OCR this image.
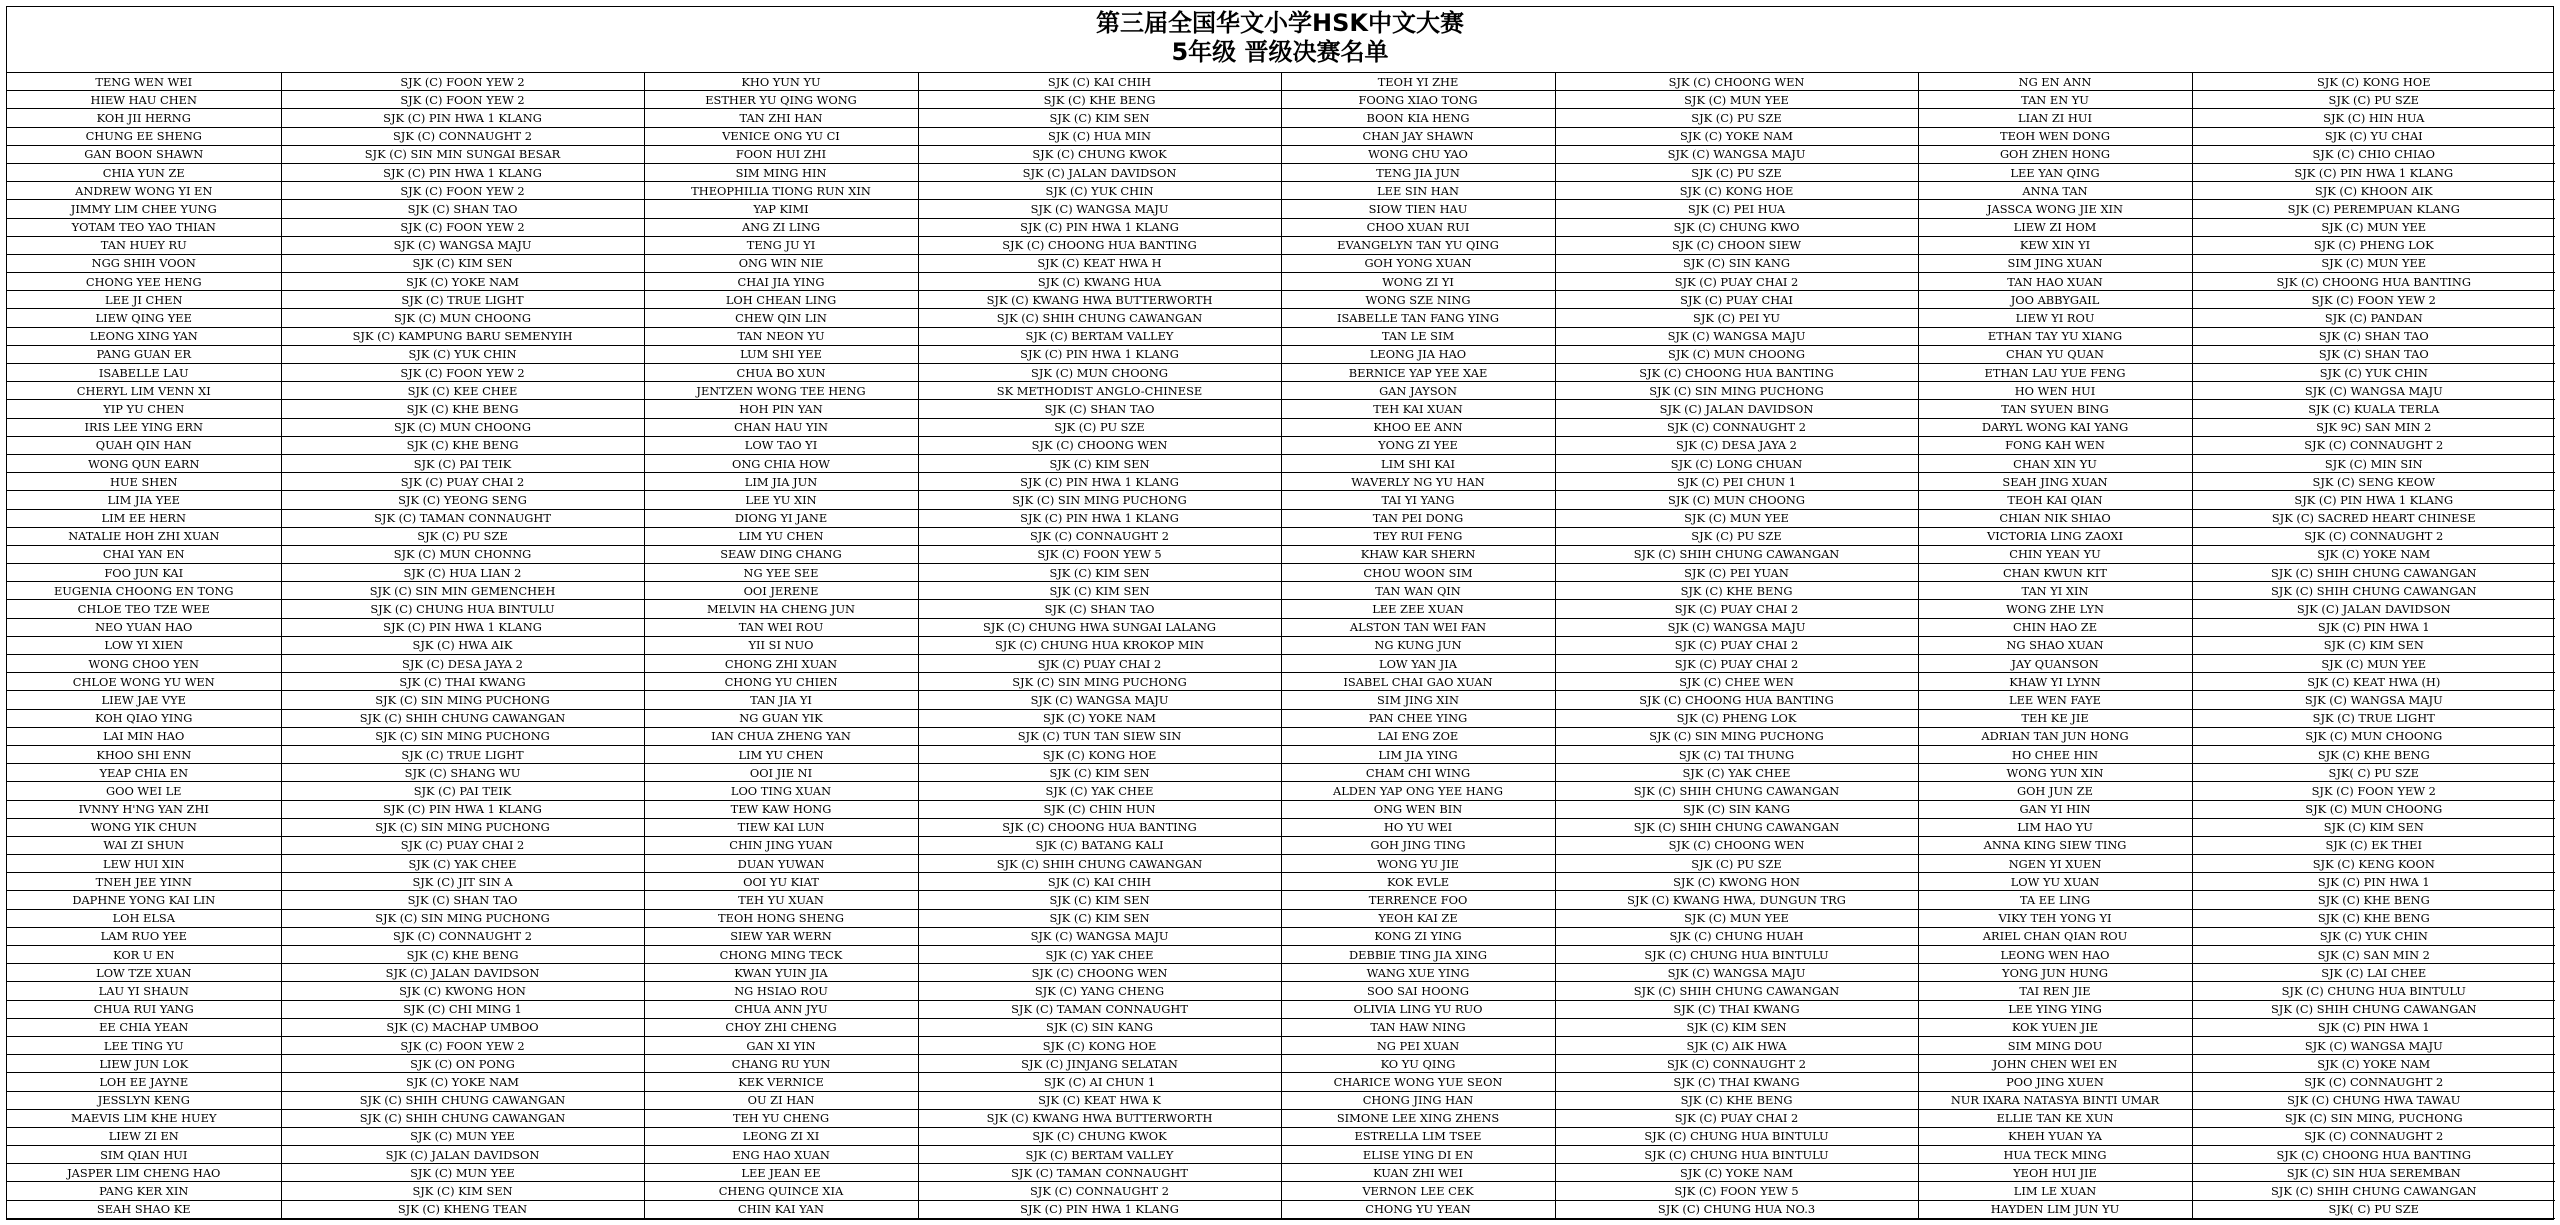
第三届全国华文小学HSK中文大赛
5年级 晋级决赛名单
TENG WEN WEI	SJK (C) FOON YEW 2	KHO YUN YU	SJK (C) KAI CHIH	TEOH YI ZHE	SJK (C) CHOONG WEN	NG EN ANN	SJK (C) KONG HOE
HIEW HAU CHEN	SJK (C) FOON YEW 2	ESTHER YU QING WONG	SJK (C) KHE BENG	FOONG XIAO TONG	SJK (C) MUN YEE	TAN EN YU	SJK (C) PU SZE
KOH JII HERNG	SJK (C) PIN HWA 1 KLANG	TAN ZHI HAN	SJK (C) KIM SEN	BOON KIA HENG	SJK (C) PU SZE	LIAN ZI HUI	SJK (C) HIN HUA
CHUNG EE SHENG	SJK (C) CONNAUGHT 2	VENICE ONG YU CI	SJK (C) HUA MIN	CHAN JAY SHAWN	SJK (C) YOKE NAM	TEOH WEN DONG	SJK (C) YU CHAI
GAN BOON SHAWN	SJK (C) SIN MIN SUNGAI BESAR	FOON HUI ZHI	SJK (C) CHUNG KWOK	WONG CHU YAO	SJK (C) WANGSA MAJU	GOH ZHEN HONG	SJK (C) CHIO CHIAO
CHIA YUN ZE	SJK (C) PIN HWA 1 KLANG	SIM MING HIN	SJK (C) JALAN DAVIDSON	TENG JIA JUN	SJK (C) PU SZE	LEE YAN QING	SJK (C) PIN HWA 1 KLANG
ANDREW WONG YI EN	SJK (C) FOON YEW 2	THEOPHILIA TIONG RUN XIN	SJK (C) YUK CHIN	LEE SIN HAN	SJK (C) KONG HOE	ANNA TAN	SJK (C) KHOON AIK
JIMMY LIM CHEE YUNG	SJK (C) SHAN TAO	YAP KIMI	SJK (C) WANGSA MAJU	SIOW TIEN HAU	SJK (C) PEI HUA	JASSCA WONG JIE XIN	SJK (C) PEREMPUAN KLANG
YOTAM TEO YAO THIAN	SJK (C) FOON YEW 2	ANG ZI LING	SJK (C) PIN HWA 1 KLANG	CHOO XUAN RUI	SJK (C) CHUNG KWO	LIEW ZI HOM	SJK (C) MUN YEE
TAN HUEY RU	SJK (C) WANGSA MAJU	TENG JU YI	SJK (C) CHOONG HUA BANTING	EVANGELYN TAN YU QING	SJK (C) CHOON SIEW	KEW XIN YI	SJK (C) PHENG LOK
NGG SHIH VOON	SJK (C) KIM SEN	ONG WIN NIE	SJK (C) KEAT HWA H	GOH YONG XUAN	SJK (C) SIN KANG	SIM JING XUAN	SJK (C) MUN YEE
CHONG YEE HENG	SJK (C) YOKE NAM	CHAI JIA YING	SJK (C) KWANG HUA	WONG ZI YI	SJK (C) PUAY CHAI 2	TAN HAO XUAN	SJK (C) CHOONG HUA BANTING
LEE JI CHEN	SJK (C) TRUE LIGHT	LOH CHEAN LING	SJK (C) KWANG HWA BUTTERWORTH	WONG SZE NING	SJK (C) PUAY CHAI	JOO ABBYGAIL	SJK (C) FOON YEW 2
LIEW QING YEE	SJK (C) MUN CHOONG	CHEW QIN LIN	SJK (C) SHIH CHUNG CAWANGAN	ISABELLE TAN FANG YING	SJK (C) PEI YU	LIEW YI ROU	SJK (C) PANDAN
LEONG XING YAN	SJK (C) KAMPUNG BARU SEMENYIH	TAN NEON YU	SJK (C) BERTAM VALLEY	TAN LE SIM	SJK (C) WANGSA MAJU	ETHAN TAY YU XIANG	SJK (C) SHAN TAO
PANG GUAN ER	SJK (C) YUK CHIN	LUM SHI YEE	SJK (C) PIN HWA 1 KLANG	LEONG JIA HAO	SJK (C) MUN CHOONG	CHAN YU QUAN	SJK (C) SHAN TAO
ISABELLE LAU	SJK (C) FOON YEW 2	CHUA BO XUN	SJK (C) MUN CHOONG	BERNICE YAP YEE XAE	SJK (C) CHOONG HUA BANTING	ETHAN LAU YUE FENG	SJK (C) YUK CHIN
CHERYL LIM VENN XI	SJK (C) KEE CHEE	JENTZEN WONG TEE HENG	SK METHODIST ANGLO-CHINESE	GAN JAYSON	SJK (C) SIN MING PUCHONG	HO WEN HUI	SJK (C) WANGSA MAJU
YIP YU CHEN	SJK (C) KHE BENG	HOH PIN YAN	SJK (C) SHAN TAO	TEH KAI XUAN	SJK (C) JALAN DAVIDSON	TAN SYUEN BING	SJK (C) KUALA TERLA
IRIS LEE YING ERN	SJK (C) MUN CHOONG	CHAN HAU YIN	SJK (C) PU SZE	KHOO EE ANN	SJK (C) CONNAUGHT 2	DARYL WONG KAI YANG	SJK 9C) SAN MIN 2
QUAH QIN HAN	SJK (C) KHE BENG	LOW TAO YI	SJK (C) CHOONG WEN	YONG ZI YEE	SJK (C) DESA JAYA 2	FONG KAH WEN	SJK (C) CONNAUGHT 2
WONG QUN EARN	SJK (C) PAI TEIK	ONG CHIA HOW	SJK (C) KIM SEN	LIM SHI KAI	SJK (C) LONG CHUAN	CHAN XIN YU	SJK (C) MIN SIN
HUE SHEN	SJK (C) PUAY CHAI 2	LIM JIA JUN	SJK (C) PIN HWA 1 KLANG	WAVERLY NG YU HAN	SJK (C) PEI CHUN 1	SEAH JING XUAN	SJK (C) SENG KEOW
LIM JIA YEE	SJK (C) YEONG SENG	LEE YU XIN	SJK (C) SIN MING PUCHONG	TAI YI YANG	SJK (C) MUN CHOONG	TEOH KAI QIAN	SJK (C) PIN HWA 1 KLANG
LIM EE HERN	SJK (C) TAMAN CONNAUGHT	DIONG YI JANE	SJK (C) PIN HWA 1 KLANG	TAN PEI DONG	SJK (C) MUN YEE	CHIAN NIK SHIAO	SJK (C) SACRED HEART CHINESE
NATALIE HOH ZHI XUAN	SJK (C) PU SZE	LIM YU CHEN	SJK (C) CONNAUGHT 2	TEY RUI FENG	SJK (C) PU SZE	VICTORIA LING ZAOXI	SJK (C) CONNAUGHT 2
CHAI YAN EN	SJK (C) MUN CHONNG	SEAW DING CHANG	SJK (C) FOON YEW 5	KHAW KAR SHERN	SJK (C) SHIH CHUNG CAWANGAN	CHIN YEAN YU	SJK (C) YOKE NAM
FOO JUN KAI	SJK (C) HUA LIAN 2	NG YEE SEE	SJK (C) KIM SEN	CHOU WOON SIM	SJK (C) PEI YUAN	CHAN KWUN KIT	SJK (C) SHIH CHUNG CAWANGAN
EUGENIA CHOONG EN TONG	SJK (C) SIN MIN GEMENCHEH	OOI JERENE	SJK (C) KIM SEN	TAN WAN QIN	SJK (C) KHE BENG	TAN YI XIN	SJK (C) SHIH CHUNG CAWANGAN
CHLOE TEO TZE WEE	SJK (C) CHUNG HUA BINTULU	MELVIN HA CHENG JUN	SJK (C) SHAN TAO	LEE ZEE XUAN	SJK (C) PUAY CHAI 2	WONG ZHE LYN	SJK (C) JALAN DAVIDSON
NEO YUAN HAO	SJK (C) PIN HWA 1 KLANG	TAN WEI ROU	SJK (C) CHUNG HWA SUNGAI LALANG	ALSTON TAN WEI FAN	SJK (C) WANGSA MAJU	CHIN HAO ZE	SJK (C) PIN HWA 1
LOW YI XIEN	SJK (C) HWA AIK	YII SI NUO	SJK (C) CHUNG HUA KROKOP MIN	NG KUNG JUN	SJK (C) PUAY CHAI 2	NG SHAO XUAN	SJK (C) KIM SEN
WONG CHOO YEN	SJK (C) DESA JAYA 2	CHONG ZHI XUAN	SJK (C) PUAY CHAI 2	LOW YAN JIA	SJK (C) PUAY CHAI 2	JAY QUANSON	SJK (C) MUN YEE
CHLOE WONG YU WEN	SJK (C) THAI KWANG	CHONG YU CHIEN	SJK (C) SIN MING PUCHONG	ISABEL CHAI GAO XUAN	SJK (C) CHEE WEN	KHAW YI LYNN	SJK (C) KEAT HWA (H)
LIEW JAE VYE	SJK (C) SIN MING PUCHONG	TAN JIA YI	SJK (C) WANGSA MAJU	SIM JING XIN	SJK (C) CHOONG HUA BANTING	LEE WEN FAYE	SJK (C) WANGSA MAJU
KOH QIAO YING	SJK (C) SHIH CHUNG CAWANGAN	NG GUAN YIK	SJK (C) YOKE NAM	PAN CHEE YING	SJK (C) PHENG LOK	TEH KE JIE	SJK (C) TRUE LIGHT
LAI MIN HAO	SJK (C) SIN MING PUCHONG	IAN CHUA ZHENG YAN	SJK (C) TUN TAN SIEW SIN	LAI ENG ZOE	SJK (C) SIN MING PUCHONG	ADRIAN TAN JUN HONG	SJK (C) MUN CHOONG
KHOO SHI ENN	SJK (C) TRUE LIGHT	LIM YU CHEN	SJK (C) KONG HOE	LIM JIA YING	SJK (C) TAI THUNG	HO CHEE HIN	SJK (C) KHE BENG
YEAP CHIA EN	SJK (C) SHANG WU	OOI JIE NI	SJK (C) KIM SEN	CHAM CHI WING	SJK (C) YAK CHEE	WONG YUN XIN	SJK( C) PU SZE
GOO WEI LE	SJK (C) PAI TEIK	LOO TING XUAN	SJK (C) YAK CHEE	ALDEN YAP ONG YEE HANG	SJK (C) SHIH CHUNG CAWANGAN	GOH JUN ZE	SJK (C) FOON YEW 2
IVNNY H'NG YAN ZHI	SJK (C) PIN HWA 1 KLANG	TEW KAW HONG	SJK (C) CHIN HUN	ONG WEN BIN	SJK (C) SIN KANG	GAN YI HIN	SJK (C) MUN CHOONG
WONG YIK CHUN	SJK (C) SIN MING PUCHONG	TIEW KAI LUN	SJK (C) CHOONG HUA BANTING	HO YU WEI	SJK (C) SHIH CHUNG CAWANGAN	LIM HAO YU	SJK (C) KIM SEN
WAI ZI SHUN	SJK (C) PUAY CHAI 2	CHIN JING YUAN	SJK (C) BATANG KALI	GOH JING TING	SJK (C) CHOONG WEN	ANNA KING SIEW TING	SJK (C) EK THEI
LEW HUI XIN	SJK (C) YAK CHEE	DUAN YUWAN	SJK (C) SHIH CHUNG CAWANGAN	WONG YU JIE	SJK (C) PU SZE	NGEN YI XUEN	SJK (C) KENG KOON
TNEH JEE YINN	SJK (C) JIT SIN A	OOI YU KIAT	SJK (C) KAI CHIH	KOK EVLE	SJK (C) KWONG HON	LOW YU XUAN	SJK (C) PIN HWA 1
DAPHNE YONG KAI LIN	SJK (C) SHAN TAO	TEH YU XUAN	SJK (C) KIM SEN	TERRENCE FOO	SJK (C) KWANG HWA, DUNGUN TRG	TA EE LING	SJK (C) KHE BENG
LOH ELSA	SJK (C) SIN MING PUCHONG	TEOH HONG SHENG	SJK (C) KIM SEN	YEOH KAI ZE	SJK (C) MUN YEE	VIKY TEH YONG YI	SJK (C) KHE BENG
LAM RUO YEE	SJK (C) CONNAUGHT 2	SIEW YAR WERN	SJK (C) WANGSA MAJU	KONG ZI YING	SJK (C) CHUNG HUAH	ARIEL CHAN QIAN ROU	SJK (C) YUK CHIN
KOR U EN	SJK (C) KHE BENG	CHONG MING TECK	SJK (C) YAK CHEE	DEBBIE TING JIA XING	SJK (C) CHUNG HUA BINTULU	LEONG WEN HAO	SJK (C) SAN MIN 2
LOW TZE XUAN	SJK (C) JALAN DAVIDSON	KWAN YUIN JIA	SJK (C) CHOONG WEN	WANG XUE YING	SJK (C) WANGSA MAJU	YONG JUN HUNG	SJK (C) LAI CHEE
LAU YI SHAUN	SJK (C) KWONG HON	NG HSIAO ROU	SJK (C) YANG CHENG	SOO SAI HOONG	SJK (C) SHIH CHUNG CAWANGAN	TAI REN JIE	SJK (C) CHUNG HUA BINTULU
CHUA RUI YANG	SJK (C) CHI MING 1	CHUA ANN JYU	SJK (C) TAMAN CONNAUGHT	OLIVIA LING YU RUO	SJK (C) THAI KWANG	LEE YING YING	SJK (C) SHIH CHUNG CAWANGAN
EE CHIA YEAN	SJK (C) MACHAP UMBOO	CHOY ZHI CHENG	SJK (C) SIN KANG	TAN HAW NING	SJK (C) KIM SEN	KOK YUEN JIE	SJK (C) PIN HWA 1
LEE TING YU	SJK (C) FOON YEW 2	GAN XI YIN	SJK (C) KONG HOE	NG PEI XUAN	SJK (C) AIK HWA	SIM MING DOU	SJK (C) WANGSA MAJU
LIEW JUN LOK	SJK (C) ON PONG	CHANG RU YUN	SJK (C) JINJANG SELATAN	KO YU QING	SJK (C) CONNAUGHT 2	JOHN CHEN WEI EN	SJK (C) YOKE NAM
LOH EE JAYNE	SJK (C) YOKE NAM	KEK VERNICE	SJK (C) AI CHUN 1	CHARICE WONG YUE SEON	SJK (C) THAI KWANG	POO JING XUEN	SJK (C) CONNAUGHT 2
JESSLYN KENG	SJK (C) SHIH CHUNG CAWANGAN	OU ZI HAN	SJK (C) KEAT HWA K	CHONG JING HAN	SJK (C) KHE BENG	NUR IXARA NATASYA BINTI UMAR	SJK (C) CHUNG HWA TAWAU
MAEVIS LIM KHE HUEY	SJK (C) SHIH CHUNG CAWANGAN	TEH YU CHENG	SJK (C) KWANG HWA BUTTERWORTH	SIMONE LEE XING ZHENS	SJK (C) PUAY CHAI 2	ELLIE TAN KE XUN	SJK (C) SIN MING, PUCHONG
LIEW ZI EN	SJK (C) MUN YEE	LEONG ZI XI	SJK (C) CHUNG KWOK	ESTRELLA LIM TSEE	SJK (C) CHUNG HUA BINTULU	KHEH YUAN YA	SJK (C) CONNAUGHT 2
SIM QIAN HUI	SJK (C) JALAN DAVIDSON	ENG HAO XUAN	SJK (C) BERTAM VALLEY	ELISE YING DI EN	SJK (C) CHUNG HUA BINTULU	HUA TECK MING	SJK (C) CHOONG HUA BANTING
JASPER LIM CHENG HAO	SJK (C) MUN YEE	LEE JEAN EE	SJK (C) TAMAN CONNAUGHT	KUAN ZHI WEI	SJK (C) YOKE NAM	YEOH HUI JIE	SJK (C) SIN HUA SEREMBAN
PANG KER XIN	SJK (C) KIM SEN	CHENG QUINCE XIA	SJK (C) CONNAUGHT 2	VERNON LEE CEK	SJK (C) FOON YEW 5	LIM LE XUAN	SJK (C) SHIH CHUNG CAWANGAN
SEAH SHAO KE	SJK (C) KHENG TEAN	CHIN KAI YAN	SJK (C) PIN HWA 1 KLANG	CHONG YU YEAN	SJK (C) CHUNG HUA NO.3	HAYDEN LIM JUN YU	SJK( C) PU SZE
